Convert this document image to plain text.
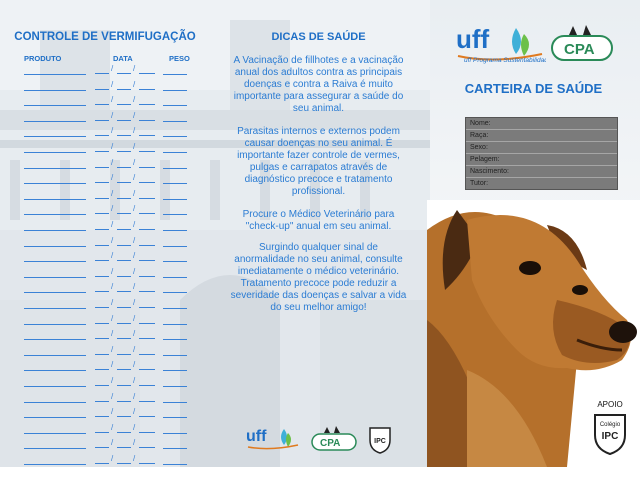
CONTROLE DE VERMIFUGAÇÃO
PRODUTO	DATA	PESO
/ /
/ /
/ /
/ /
/ /
/ /
/ /
/ /
/ /
/ /
/ /
/ /
/ /
/ /
/ /
/ /
/ /
/ /
/ /
/ /
/ /
/ /
/ /
/ /
/ /
/ /
DICAS DE SAÚDE
A Vacinação de fillhotes e a vacinação anual dos adultos contra as principais doenças e contra a Raiva é muito importante para assegurar a saúde do seu animal.
Parasitas internos e externos podem causar doenças no seu animal. É importante fazer controle de vermes, pulgas e carrapatos através de diagnóstico precoce e tratamento profissional.
Procure o Médico Veterinário para "check-up" anual em seu animal.
Surgindo qualquer sinal de anormalidade no seu animal, consulte imediatamente o médico veterinário. Tratamento precoce pode reduzir a severidade das doenças e salvar a vida do seu melhor amigo!
uff	CPA	IPC
uff
uff Programa Sustentabilidade
CPA
CARTEIRA DE SAÚDE
Nome:
Raça:
Sexo:
Pelagem:
Nascimento:
Tutor:
APOIO
Colégio
IPC
